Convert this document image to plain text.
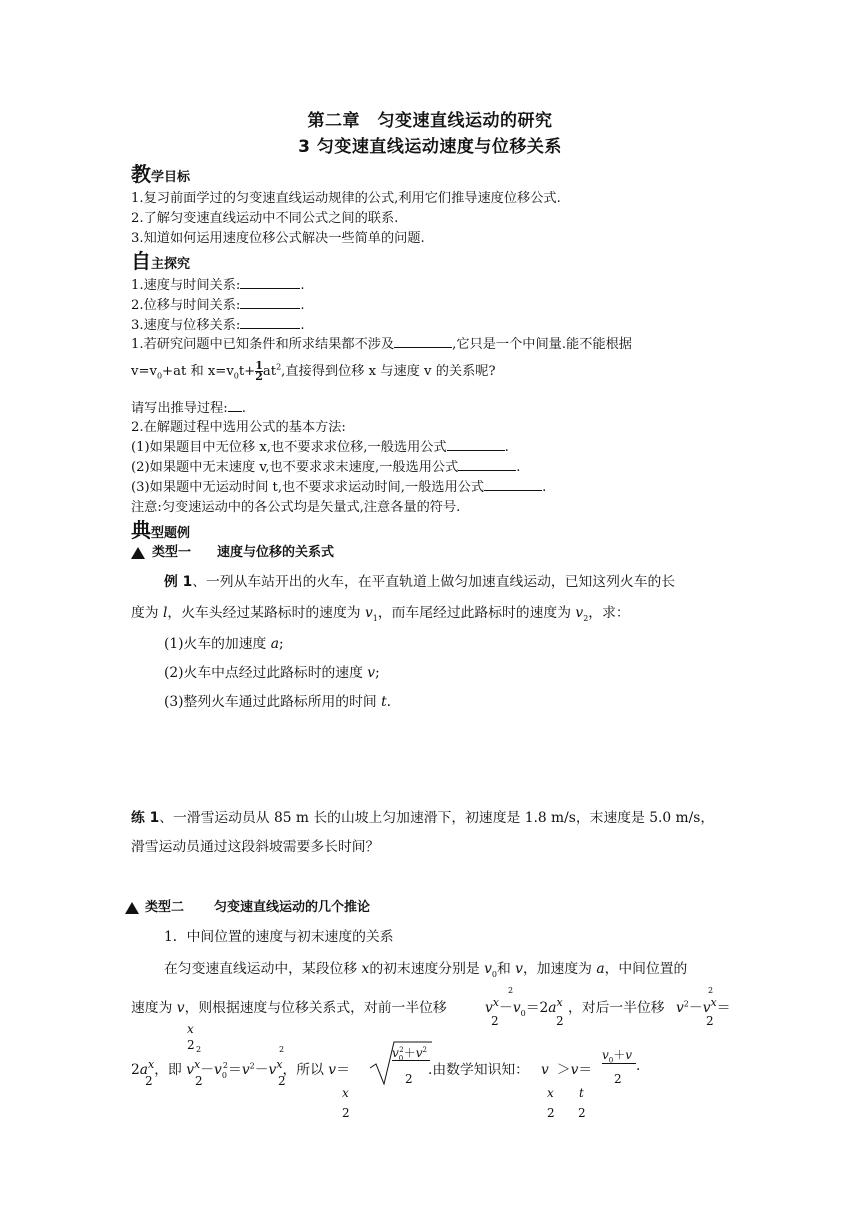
第二章　匀变速直线运动的研究
3 匀变速直线运动速度与位移关系
教学目标
1.复习前面学过的匀变速直线运动规律的公式,利用它们推导速度位移公式.
2.了解匀变速直线运动中不同公式之间的联系.
3.知道如何运用速度位移公式解决一些简单的问题.
自主探究
1.速度与时间关系:	.
2.位移与时间关系:	.
3.速度与位移关系:	.
1.若研究问题中已知条件和所求结果都不涉及	,它只是一个中间量.能不能根据
$v=v_0+at$ 和 $x=v_0t+ \frac{1}{2} at^2$,直接得到位移 x 与速度 v 的关系呢?
请写出推导过程: .
2.在解题过程中选用公式的基本方法:
(1)如果题目中无位移 x,也不要求求位移,一般选用公式	.
(2)如果题中无末速度 v,也不要求求末速度,一般选用公式	.
(3)如果题中无运动时间 t,也不要求求运动时间,一般选用公式	.
注意:匀变速运动中的各公式均是矢量式,注意各量的符号.
典型题例
类型一 速度与位移的关系式
例 1、一列从车站开出的火车，在平直轨道上做匀加速直线运动，已知这列火车的长
度为 l，火车头经过某路标时的速度为 $v_1$，而车尾经过此路标时的速度为 $v_2$，求：
(1)火车的加速度 a;
(2)火车中点经过此路标时的速度 v;
(3)整列火车通过此路标所用的时间 t.
练 1、一滑雪运动员从 85 m 长的山坡上匀加速滑下，初速度是 1.8 m/s，末速度是 5.0 m/s，
滑雪运动员通过这段斜坡需要多长时间？
类型二 匀变速直线运动的几个推论
1．中间位置的速度与初末速度的关系
在匀变速直线运动中，某段位移 x的初末速度分别是 $v_0$和 v，加速度为 a，中间位置的
速度为 v，则根据速度与位移关系式，对前一半位移
2
$v^x-v_0=2a^x$
2	2
，对后一半位移
2
$v^2-v^x=$
2
x
2 2	2
$2a^x$，即 $v^x-v_0^2=v^2-v^x$，所以 v＝
2	2	2
$v_0^2+v^2$
2
.由数学知识知： v ＞v＝
$v_0+v$
2
.
x
2
x
2
t
2
